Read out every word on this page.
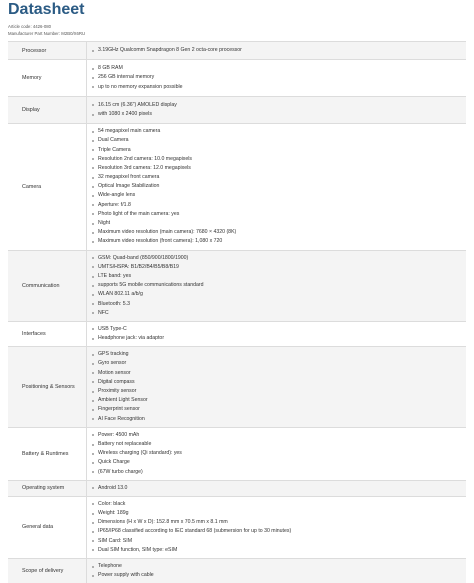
Datasheet
Article code: 4426-080
Manufacturer Part Number: M2B0/X6RU
Processor	3.19GHz Qualcomm Snapdragon 8 Gen 2 octa-core processor
Memory
8 GB RAM
256 GB internal memory
up to no memory expansion possible
Display
16.15 cm (6.36") AMOLED display
with 1080 x 2400 pixels
Camera
54 megapixel main camera
Dual Camera
Triple Camera
Resolution 2nd camera: 10.0 megapixels
Resolution 3rd camera: 12.0 megapixels
32 megapixel front camera
Optical Image Stabilization
Wide-angle lens
Aperture: f/1.8
Photo light of the main camera: yes
Night
Maximum video resolution (main camera): 7680 × 4320 (8K)
Maximum video resolution (front camera): 1,080 x 720
Communication
GSM: Quad-band (850/900/1800/1900)
UMTS/HSPA: B1/B2/B4/B5/B8/B19
LTE band: yes
supports 5G mobile communications standard
WLAN 802.11 a/b/g
Bluetooth: 5.3
NFC
Interfaces
USB Type-C
Headphone jack: via adaptor
Positioning & Sensors
GPS tracking
Gyro sensor
Motion sensor
Digital compass
Proximity sensor
Ambient Light Sensor
Fingerprint sensor
AI Face Recognition
Battery & Runtimes
Power: 4500 mAh
Battery not replaceable
Wireless charging (Qi standard): yes
Quick Charge
(67W turbo charge)
Operating system	Android 13.0
General data
Color: black
Weight: 189g
Dimensions (H x W x D): 152.8 mm x 70.5 mm x 8.1 mm
IP65/IP68 classified according to IEC standard 68 (submersion for up to 30 minutes)
SIM Card: SIM
Dual SIM function, SIM type: eSIM
Scope of delivery
Telephone
Power supply with cable
